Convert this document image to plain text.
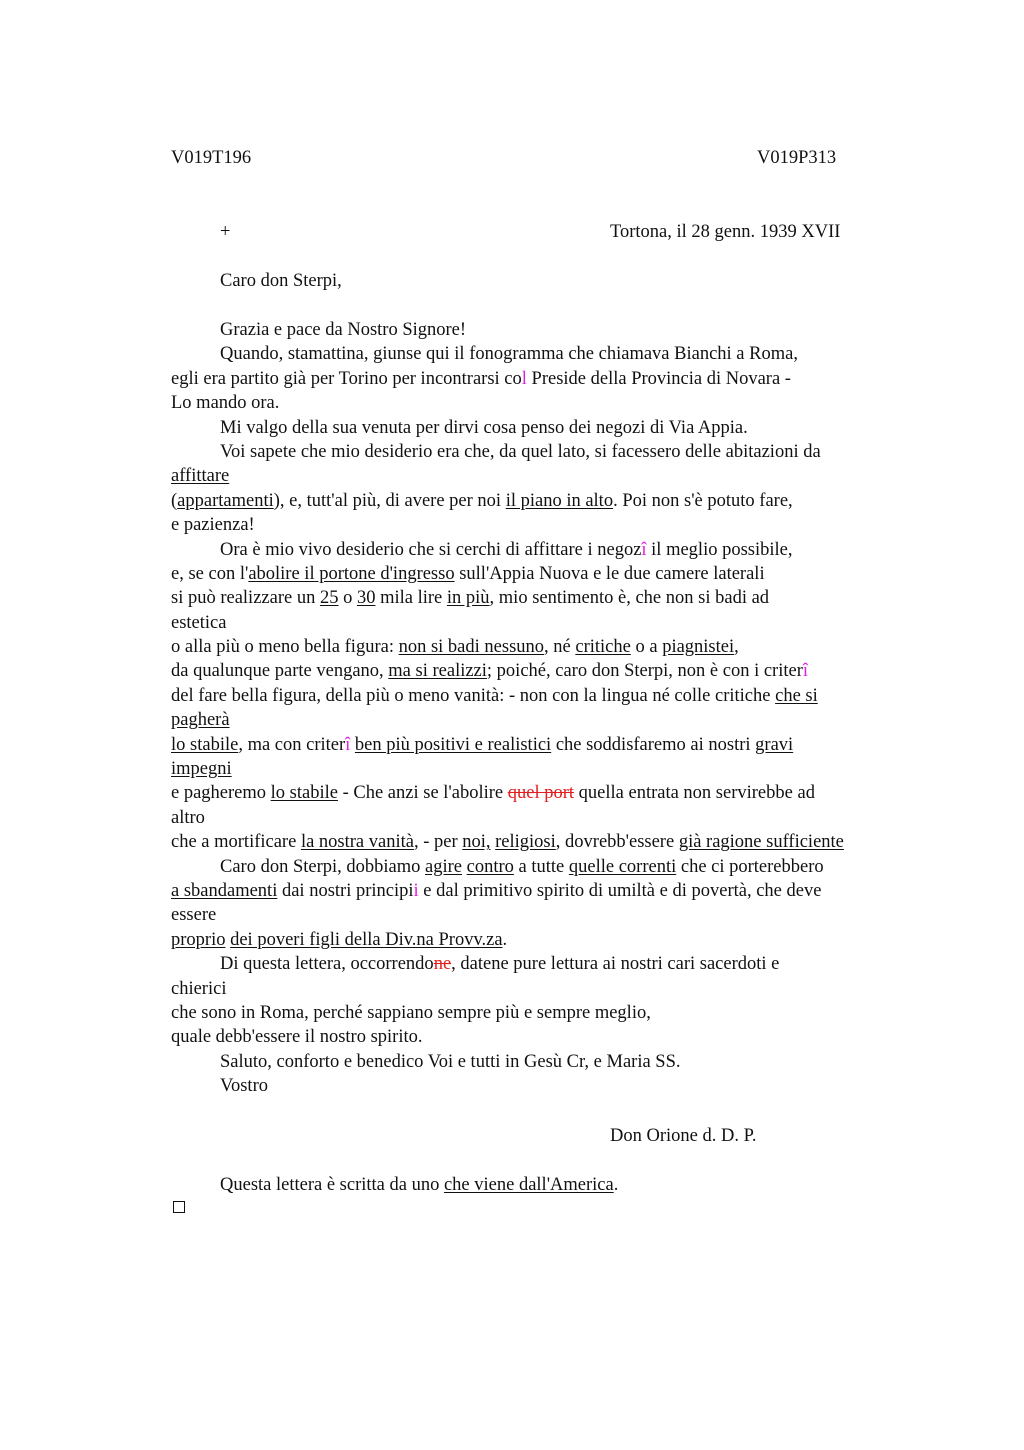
V019T196	V019P313
+	Tortona, il 28 genn. 1939 XVII
Caro don Sterpi,
Grazia e pace da Nostro Signore!
Quando, stamattina, giunse qui il fonogramma che chiamava Bianchi a Roma,
egli era partito già per Torino per incontrarsi col Preside della Provincia di Novara -
Lo mando ora.
Mi valgo della sua venuta per dirvi cosa penso dei negozi di Via Appia.
Voi sapete che mio desiderio era che, da quel lato, si facessero delle abitazioni da
affittare
(appartamenti), e, tutt'al più, di avere per noi il piano in alto. Poi non s'è potuto fare,
e pazienza!
Ora è mio vivo desiderio che si cerchi di affittare i negozî il meglio possibile,
e, se con l'abolire il portone d'ingresso sull'Appia Nuova e le due camere laterali
si può realizzare un 25 o 30 mila lire in più, mio sentimento è, che non si badi ad
estetica
o alla più o meno bella figura: non si badi nessuno, né critiche o a piagnistei,
da qualunque parte vengano, ma si realizzi; poiché, caro don Sterpi, non è con i criterî
del fare bella figura, della più o meno vanità: - non con la lingua né colle critiche che si
pagherà
lo stabile, ma con criterî ben più positivi e realistici che soddisfaremo ai nostri gravi
impegni
e pagheremo lo stabile - Che anzi se l'abolire quel port quella entrata non servirebbe ad
altro
che a mortificare la nostra vanità, - per noi, religiosi, dovrebb'essere già ragione sufficiente
Caro don Sterpi, dobbiamo agire contro a tutte quelle correnti che ci porterebbero
a sbandamenti dai nostri principii e dal primitivo spirito di umiltà e di povertà, che deve
essere
proprio dei poveri figli della Div.na Provv.za.
Di questa lettera, occorrendone, datene pure lettura ai nostri cari sacerdoti e
chierici
che sono in Roma, perché sappiano sempre più e sempre meglio,
quale debb'essere il nostro spirito.
Saluto, conforto e benedico Voi e tutti in Gesù Cr, e Maria SS.
Vostro
Don Orione d. D. P.
Questa lettera è scritta da uno che viene dall'America.
